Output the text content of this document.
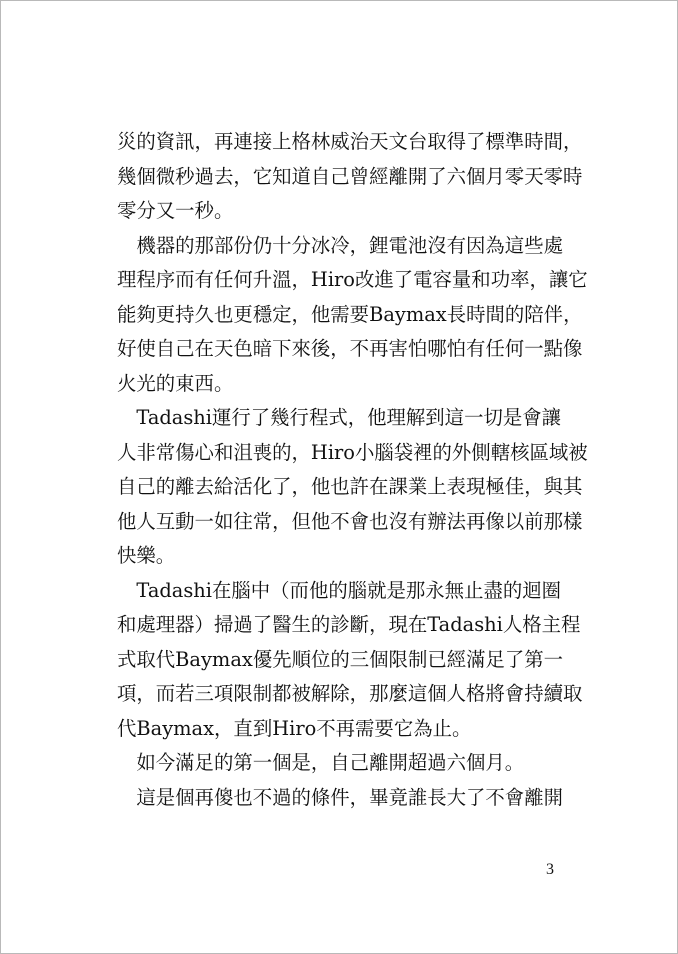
災的資訊，再連接上格林威治天文台取得了標準時間，
幾個微秒過去，它知道自己曾經離開了六個月零天零時
零分又一秒。
　機器的那部份仍十分冰冷，鋰電池沒有因為這些處
理程序而有任何升溫，Hiro改進了電容量和功率，讓它
能夠更持久也更穩定，他需要Baymax長時間的陪伴，
好使自己在天色暗下來後，不再害怕哪怕有任何一點像
火光的東西。
　Tadashi運行了幾行程式，他理解到這一切是會讓
人非常傷心和沮喪的，Hiro小腦袋裡的外側轄核區域被
自己的離去給活化了，他也許在課業上表現極佳，與其
他人互動一如往常，但他不會也沒有辦法再像以前那樣
快樂。
　Tadashi在腦中（而他的腦就是那永無止盡的迴圈
和處理器）掃過了醫生的診斷，現在Tadashi人格主程
式取代Baymax優先順位的三個限制已經滿足了第一
項，而若三項限制都被解除，那麼這個人格將會持續取
代Baymax，直到Hiro不再需要它為止。
　如今滿足的第一個是，自己離開超過六個月。
　這是個再傻也不過的條件，畢竟誰長大了不會離開
3
